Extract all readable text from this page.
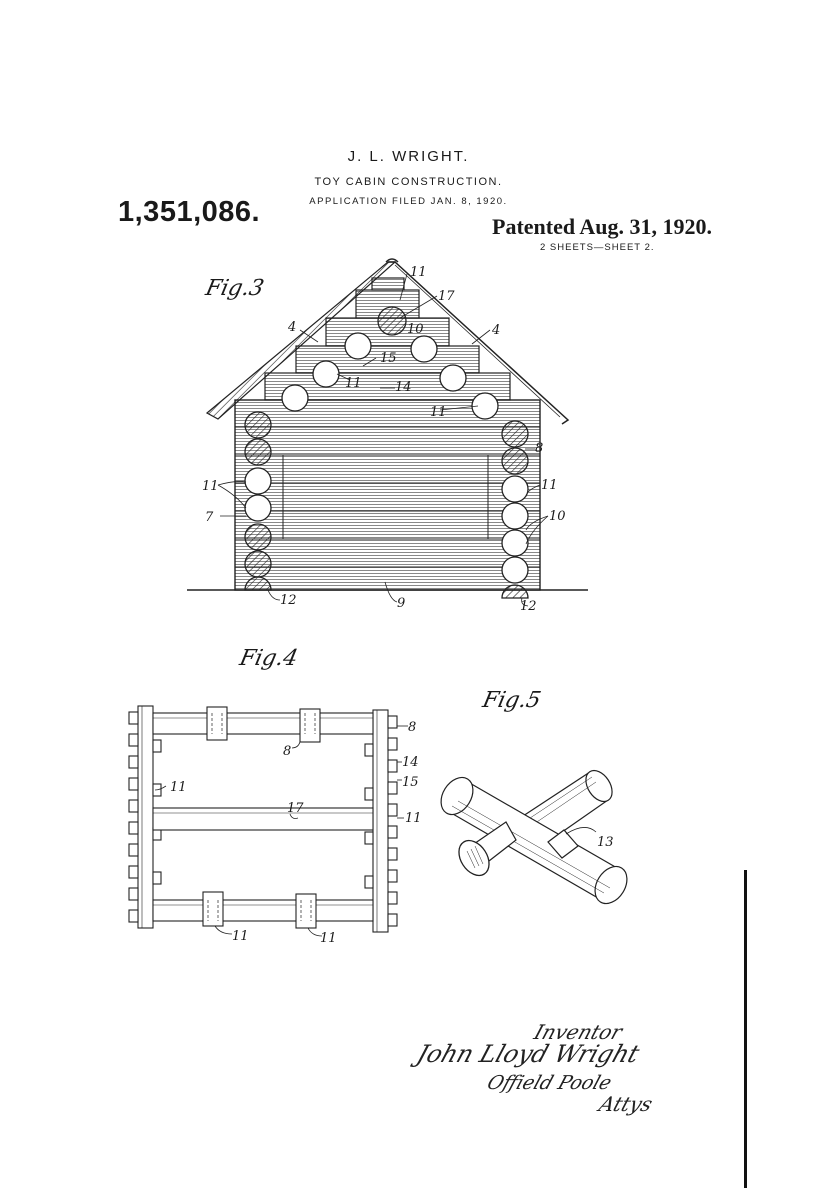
J. L. WRIGHT.
TOY CABIN CONSTRUCTION.
APPLICATION FILED JAN. 8, 1920.
1,351,086.	Patented Aug. 31, 1920.
2 SHEETS—SHEET 2.
Fig.3
Fig.4
Fig.5
11
17
4	4
10
15
11	14
11
8
11
7
11
10
12	9	12
8
8
14
15
11
17
11
11	11
13
Inventor
John Lloyd Wright
Offield Poole
Attys
